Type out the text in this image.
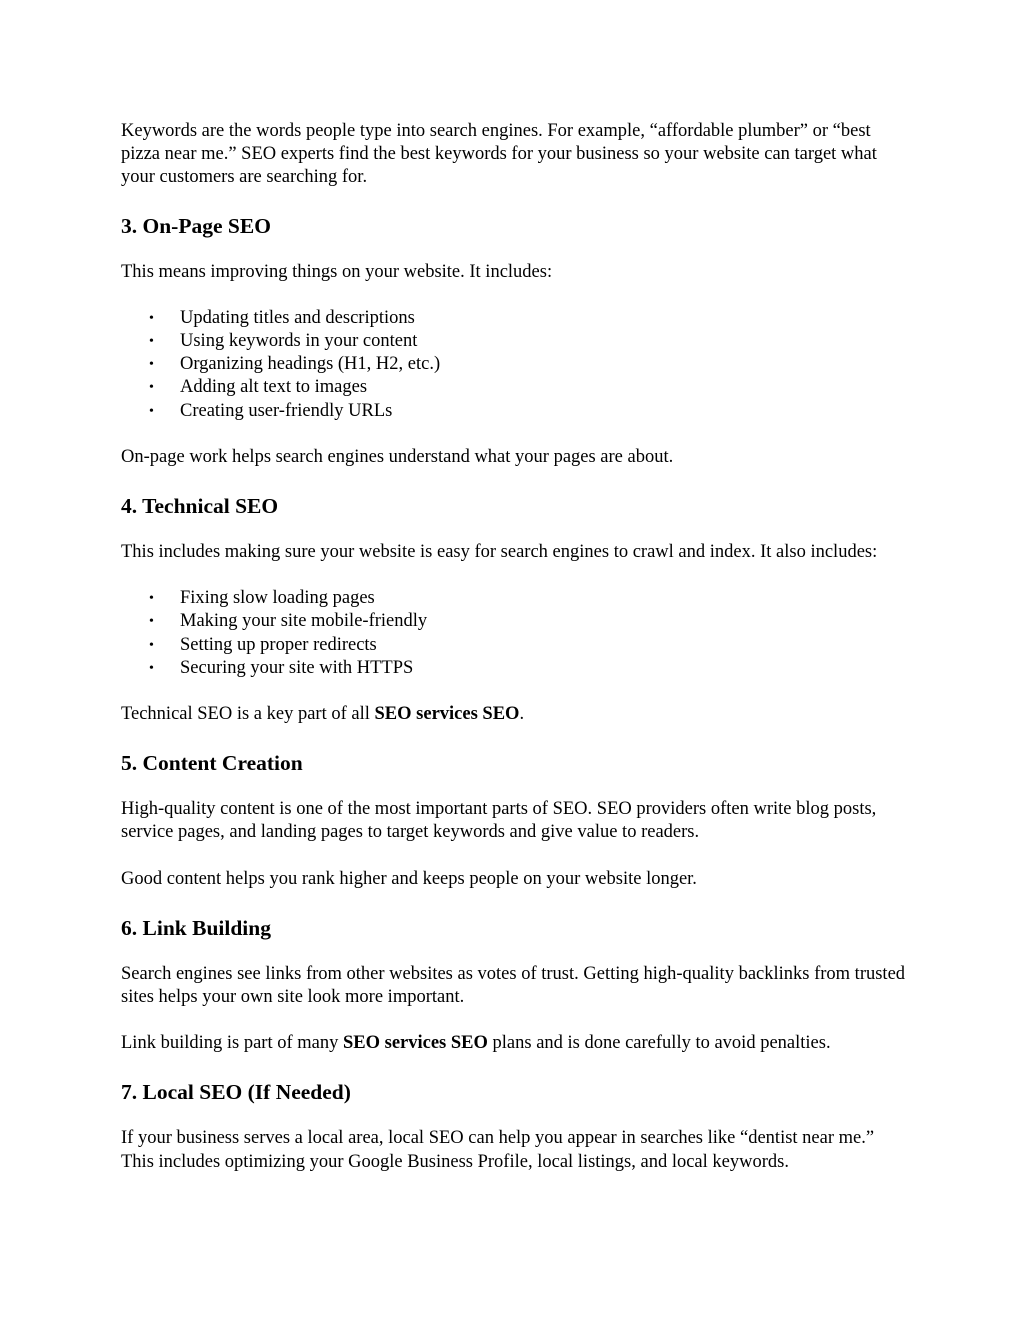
Keywords are the words people type into search engines. For example, “affordable plumber” or “best pizza near me.” SEO experts find the best keywords for your business so your website can target what your customers are searching for.

3. On-Page SEO

This means improving things on your website. It includes:

• Updating titles and descriptions
• Using keywords in your content
• Organizing headings (H1, H2, etc.)
• Adding alt text to images
• Creating user-friendly URLs

On-page work helps search engines understand what your pages are about.

4. Technical SEO

This includes making sure your website is easy for search engines to crawl and index. It also includes:

• Fixing slow loading pages
• Making your site mobile-friendly
• Setting up proper redirects
• Securing your site with HTTPS

Technical SEO is a key part of all SEO services SEO.

5. Content Creation

High-quality content is one of the most important parts of SEO. SEO providers often write blog posts, service pages, and landing pages to target keywords and give value to readers.

Good content helps you rank higher and keeps people on your website longer.

6. Link Building

Search engines see links from other websites as votes of trust. Getting high-quality backlinks from trusted sites helps your own site look more important.

Link building is part of many SEO services SEO plans and is done carefully to avoid penalties.

7. Local SEO (If Needed)

If your business serves a local area, local SEO can help you appear in searches like “dentist near me.” This includes optimizing your Google Business Profile, local listings, and local keywords.
